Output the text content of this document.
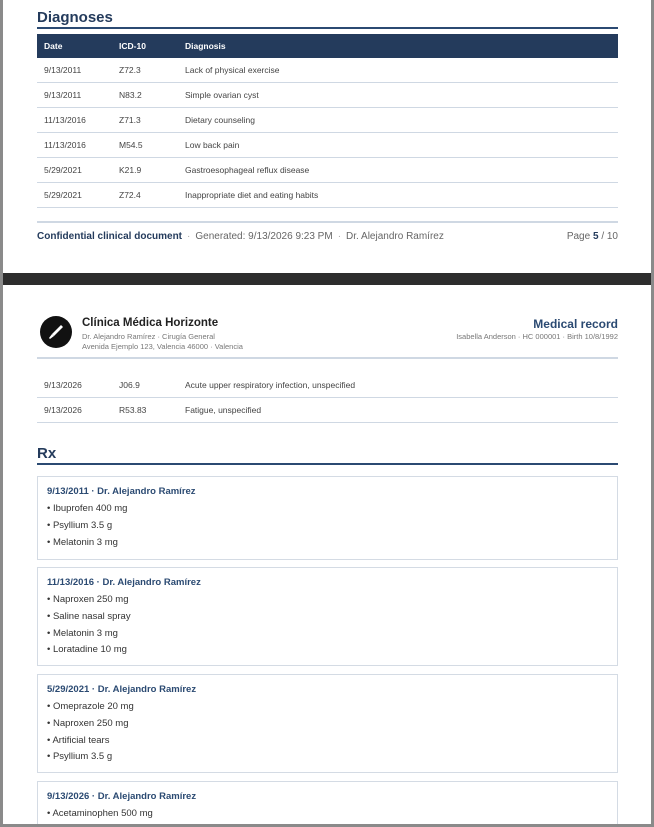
Diagnoses
Date	ICD-10	Diagnosis
9/13/2011	Z72.3	Lack of physical exercise
9/13/2011	N83.2	Simple ovarian cyst
11/13/2016	Z71.3	Dietary counseling
11/13/2016	M54.5	Low back pain
5/29/2021	K21.9	Gastroesophageal reflux disease
5/29/2021	Z72.4	Inappropriate diet and eating habits
Confidential clinical document · Generated: 9/13/2026 9:23 PM · Dr. Alejandro Ramírez	Page 5 / 10
Clínica Médica Horizonte
Dr. Alejandro Ramírez · Cirugía General
Avenida Ejemplo 123, Valencia 46000 · Valencia
Medical record
Isabella Anderson · HC 000001 · Birth 10/8/1992
9/13/2026	J06.9	Acute upper respiratory infection, unspecified
9/13/2026	R53.83	Fatigue, unspecified
Rx
9/13/2011 · Dr. Alejandro Ramírez
• Ibuprofen 400 mg
• Psyllium 3.5 g
• Melatonin 3 mg
11/13/2016 · Dr. Alejandro Ramírez
• Naproxen 250 mg
• Saline nasal spray
• Melatonin 3 mg
• Loratadine 10 mg
5/29/2021 · Dr. Alejandro Ramírez
• Omeprazole 20 mg
• Naproxen 250 mg
• Artificial tears
• Psyllium 3.5 g
9/13/2026 · Dr. Alejandro Ramírez
• Acetaminophen 500 mg
